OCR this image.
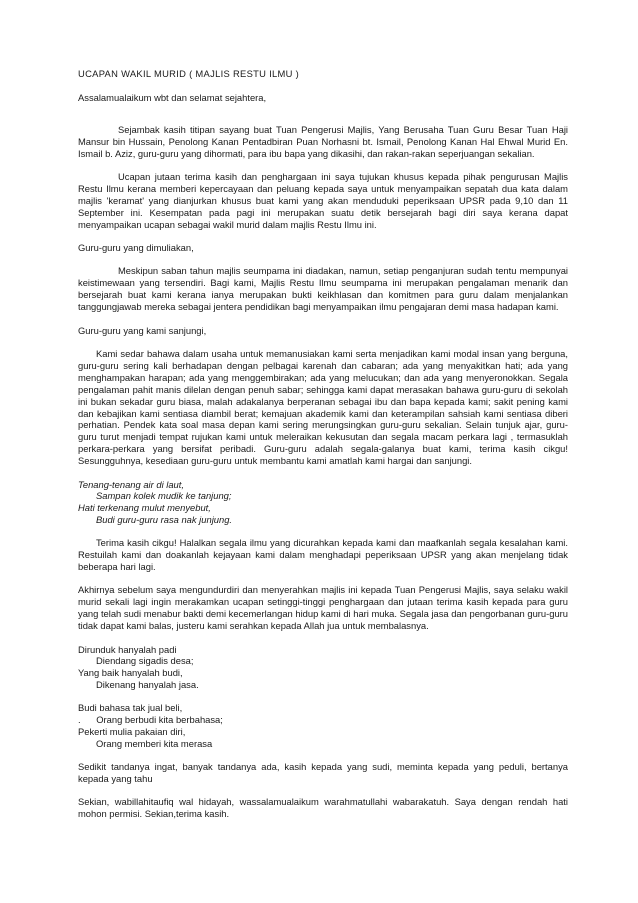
UCAPAN WAKIL MURID ( MAJLIS RESTU ILMU )

Assalamualaikum wbt dan selamat sejahtera,

Sejambak kasih titipan sayang buat Tuan Pengerusi Majlis, Yang Berusaha Tuan Guru Besar Tuan Haji Mansur bin Hussain, Penolong Kanan Pentadbiran Puan Norhasni bt. Ismail, Penolong Kanan Hal Ehwal Murid En. Ismail b. Aziz, guru-guru yang dihormati, para ibu bapa yang dikasihi, dan rakan-rakan seperjuangan sekalian.

Ucapan jutaan terima kasih dan penghargaan ini saya tujukan khusus kepada pihak pengurusan Majlis Restu Ilmu kerana memberi kepercayaan dan peluang kepada saya untuk menyampaikan sepatah dua kata dalam majlis 'keramat' yang dianjurkan khusus buat kami yang akan menduduki peperiksaan UPSR pada 9,10 dan 11 September ini. Kesempatan pada pagi ini merupakan suatu detik bersejarah bagi diri saya kerana dapat menyampaikan ucapan sebagai wakil murid dalam majlis Restu Ilmu ini.

Guru-guru yang dimuliakan,

Meskipun saban tahun majlis seumpama ini diadakan, namun, setiap penganjuran sudah tentu mempunyai keistimewaan yang tersendiri. Bagi kami, Majlis Restu Ilmu seumpama ini merupakan pengalaman menarik dan bersejarah buat kami kerana ianya merupakan bukti keikhlasan dan komitmen para guru dalam menjalankan tanggungjawab mereka sebagai jentera pendidikan bagi menyampaikan ilmu pengajaran demi masa hadapan kami.

Guru-guru yang kami sanjungi,

Kami sedar bahawa dalam usaha untuk memanusiakan kami serta menjadikan kami modal insan yang berguna, guru-guru sering kali berhadapan dengan pelbagai karenah dan cabaran; ada yang menyakitkan hati; ada yang menghampakan harapan; ada yang menggembirakan; ada yang melucukan; dan ada yang menyeronokkan. Segala pengalaman pahit manis dilelan dengan penuh sabar; sehingga kami dapat merasakan bahawa guru-guru di sekolah ini bukan sekadar guru biasa, malah adakalanya berperanan sebagai ibu dan bapa kepada kami; sakit pening kami dan kebajikan kami sentiasa diambil berat; kemajuan akademik kami dan keterampilan sahsiah kami sentiasa diberi perhatian. Pendek kata soal masa depan kami sering merungsingkan guru-guru sekalian. Selain tunjuk ajar, guru-guru turut menjadi tempat rujukan kami untuk meleraikan kekusutan dan segala macam perkara lagi , termasuklah perkara-perkara yang bersifat peribadi. Guru-guru adalah segala-galanya buat kami, terima kasih cikgu! Sesungguhnya, kesediaan guru-guru untuk membantu kami amatlah kami hargai dan sanjungi.

Tenang-tenang air di laut,
Sampan kolek mudik ke tanjung;
Hati terkenang mulut menyebut,
Budi guru-guru rasa nak junjung.

Terima kasih cikgu! Halalkan segala ilmu yang dicurahkan kepada kami dan maafkanlah segala kesalahan kami. Restuilah kami dan doakanlah kejayaan kami dalam menghadapi peperiksaan UPSR yang akan menjelang tidak beberapa hari lagi.

Akhirnya sebelum saya mengundurdiri dan menyerahkan majlis ini kepada Tuan Pengerusi Majlis, saya selaku wakil murid sekali lagi ingin merakamkan ucapan setinggi-tinggi penghargaan dan jutaan terima kasih kepada para guru yang telah sudi menabur bakti demi kecemerlangan hidup kami di hari muka. Segala jasa dan pengorbanan guru-guru tidak dapat kami balas, justeru kami serahkan kepada Allah jua untuk membalasnya.

Dirunduk hanyalah padi
Diendang sigadis desa;
Yang baik hanyalah budi,
Dikenang hanyalah jasa.
Budi bahasa tak jual beli,
.      Orang berbudi kita berbahasa;
Pekerti mulia pakaian diri,
Orang memberi kita merasa

Sedikit tandanya ingat, banyak tandanya ada, kasih kepada yang sudi, meminta kepada yang peduli, bertanya kepada yang tahu

Sekian, wabillahitaufiq wal hidayah, wassalamualaikum warahmatullahi wabarakatuh. Saya dengan rendah hati mohon permisi. Sekian,terima kasih.
